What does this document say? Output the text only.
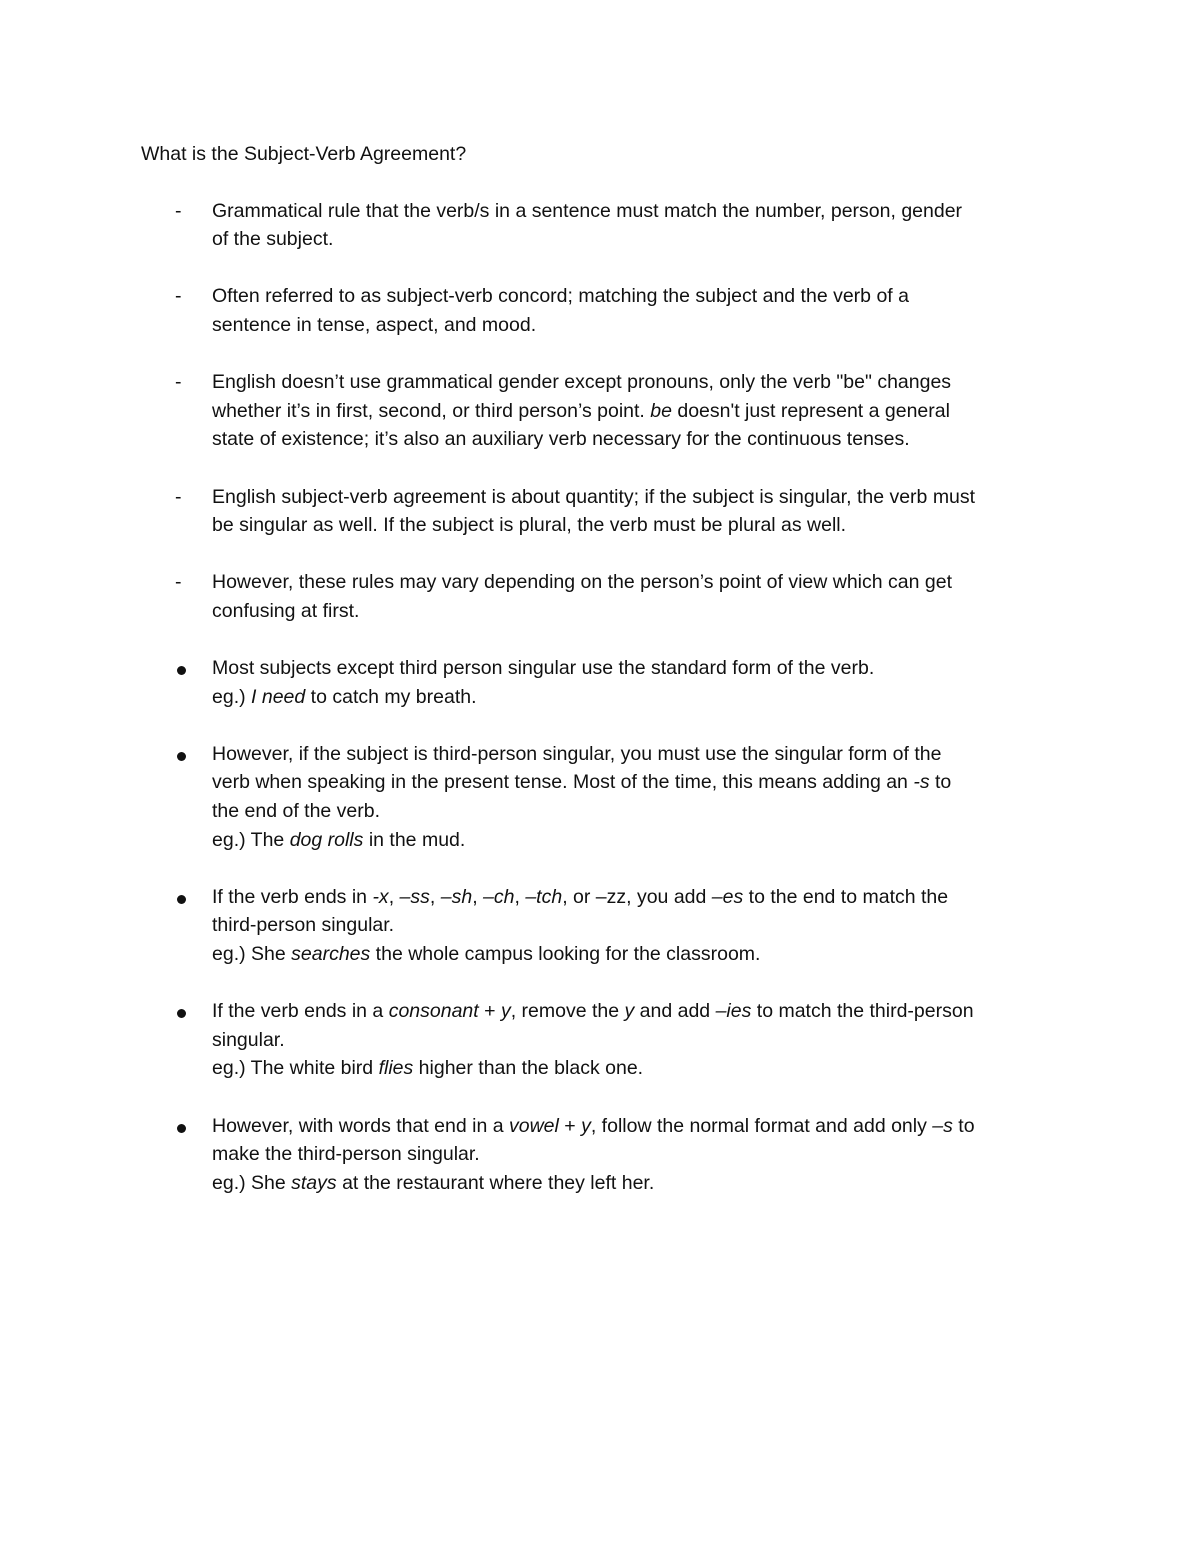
What is the Subject-Verb Agreement?
- Grammatical rule that the verb/s in a sentence must match the number, person, gender
of the subject.
- Often referred to as subject-verb concord; matching the subject and the verb of a
sentence in tense, aspect, and mood.
- English doesn’t use grammatical gender except pronouns, only the verb "be" changes
whether it’s in first, second, or third person’s point. be doesn't just represent a general
state of existence; it’s also an auxiliary verb necessary for the continuous tenses.
- English subject-verb agreement is about quantity; if the subject is singular, the verb must
be singular as well. If the subject is plural, the verb must be plural as well.
- However, these rules may vary depending on the person’s point of view which can get
confusing at first.
Most subjects except third person singular use the standard form of the verb.
eg.) I need to catch my breath.
However, if the subject is third-person singular, you must use the singular form of the
verb when speaking in the present tense. Most of the time, this means adding an -s to
the end of the verb.
eg.) The dog rolls in the mud.
If the verb ends in -x, –ss, –sh, –ch, –tch, or –zz, you add –es to the end to match the
third-person singular.
eg.) She searches the whole campus looking for the classroom.
If the verb ends in a consonant + y, remove the y and add –ies to match the third-person
singular.
eg.) The white bird flies higher than the black one.
However, with words that end in a vowel + y, follow the normal format and add only –s to
make the third-person singular.
eg.) She stays at the restaurant where they left her.
